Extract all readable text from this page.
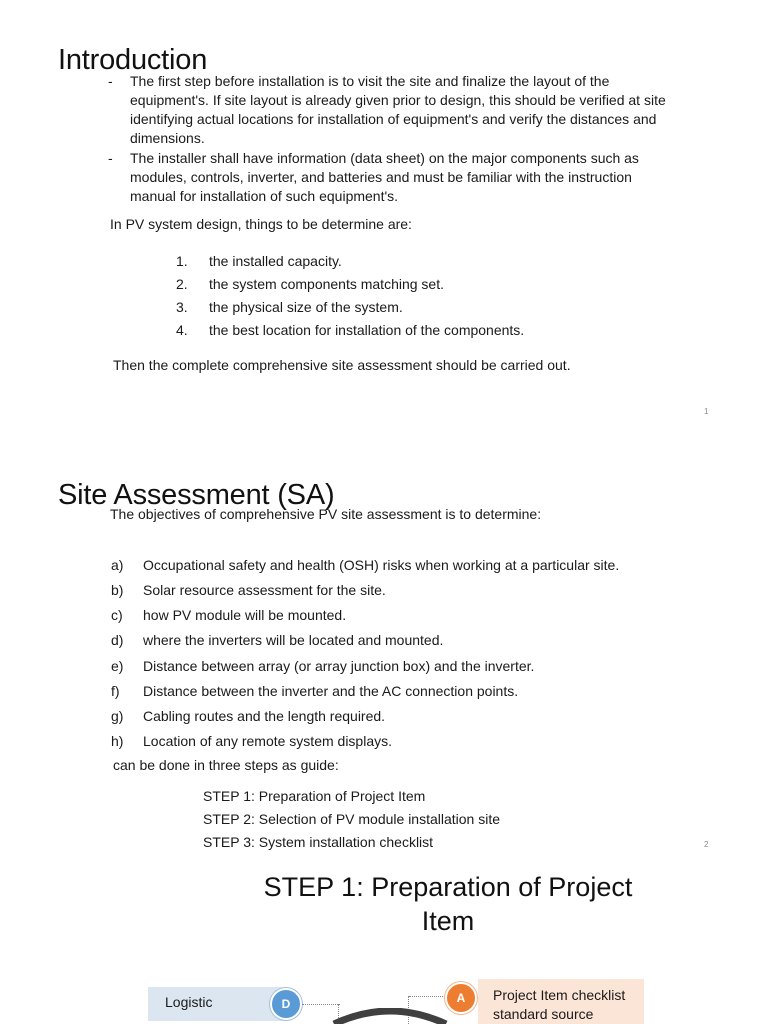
Introduction
- The first step before installation is to visit the site and finalize the layout of the equipment's. If site layout is already given prior to design, this should be verified at site identifying actual locations for installation of equipment's and verify the distances and dimensions.
- The installer shall have information (data sheet) on the major components such as modules, controls, inverter, and batteries and must be familiar with the instruction manual for installation of such equipment's.
In PV system design, things to be determine are:
1. the installed capacity.
2. the system components matching set.
3. the physical size of the system.
4. the best location for installation of the components.
Then the complete comprehensive site assessment should be carried out.
1
Site Assessment (SA)
The objectives of comprehensive PV site assessment is to determine:
a) Occupational safety and health (OSH) risks when working at a particular site.
b) Solar resource assessment for the site.
c) how PV module will be mounted.
d) where the inverters will be located and mounted.
e) Distance between array (or array junction box) and the inverter.
f) Distance between the inverter and the AC connection points.
g) Cabling routes and the length required.
h) Location of any remote system displays.
can be done in three steps as guide:
STEP 1: Preparation of Project Item
STEP 2: Selection of PV module installation site
STEP 3: System installation checklist	2
STEP 1: Preparation of Project
Item
Logistic	D	A	Project Item checklist
standard source
